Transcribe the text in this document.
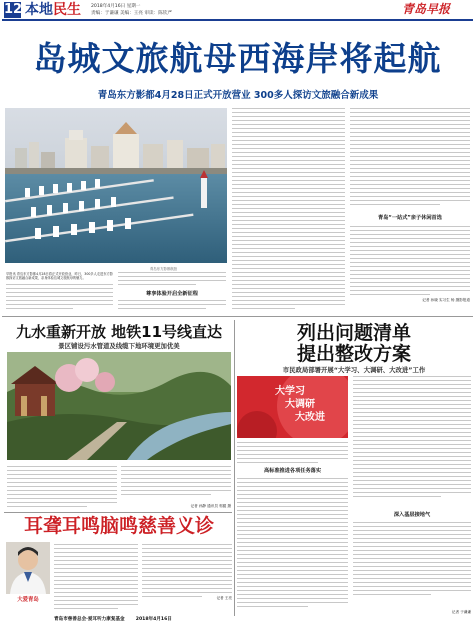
12 本地民生 2018年4月16日 星期一
责编：于谦谦 美编：王亮 审读：陈钦严	青岛早报
岛城文旅航母西海岸将起航
青岛东方影都4月28日正式开放营业 300多人探访文旅融合新成果
青岛东方影都航拍
早报讯 青岛东方影都4月28日将正式开放营业，昨日，300多人走进东方影都探访文旅融合新成果，亲身体验岛城文旅航母的魅力。
尊享体验开启全新征程
青岛“一站式”亲子休闲首选
记者 孙晓 实习生 杨 摄影报道
九水重新开放 地铁11号线直达
景区铺设污水管道及线缆下地环境更加优美
记者 孙静 通讯员 郭健 摄
列出问题清单
提出整改方案
市民政局部署开展“大学习、大调研、大改进”工作
大学习
大调研
大改进
高标准推进各项任务落实
深入基层接地气
记者 于谦谦
耳聋耳鸣脑鸣慈善义诊
大爱青岛	记者 王亮
青岛市慈善总会·爱耳听力康复基金 2018年4月16日
